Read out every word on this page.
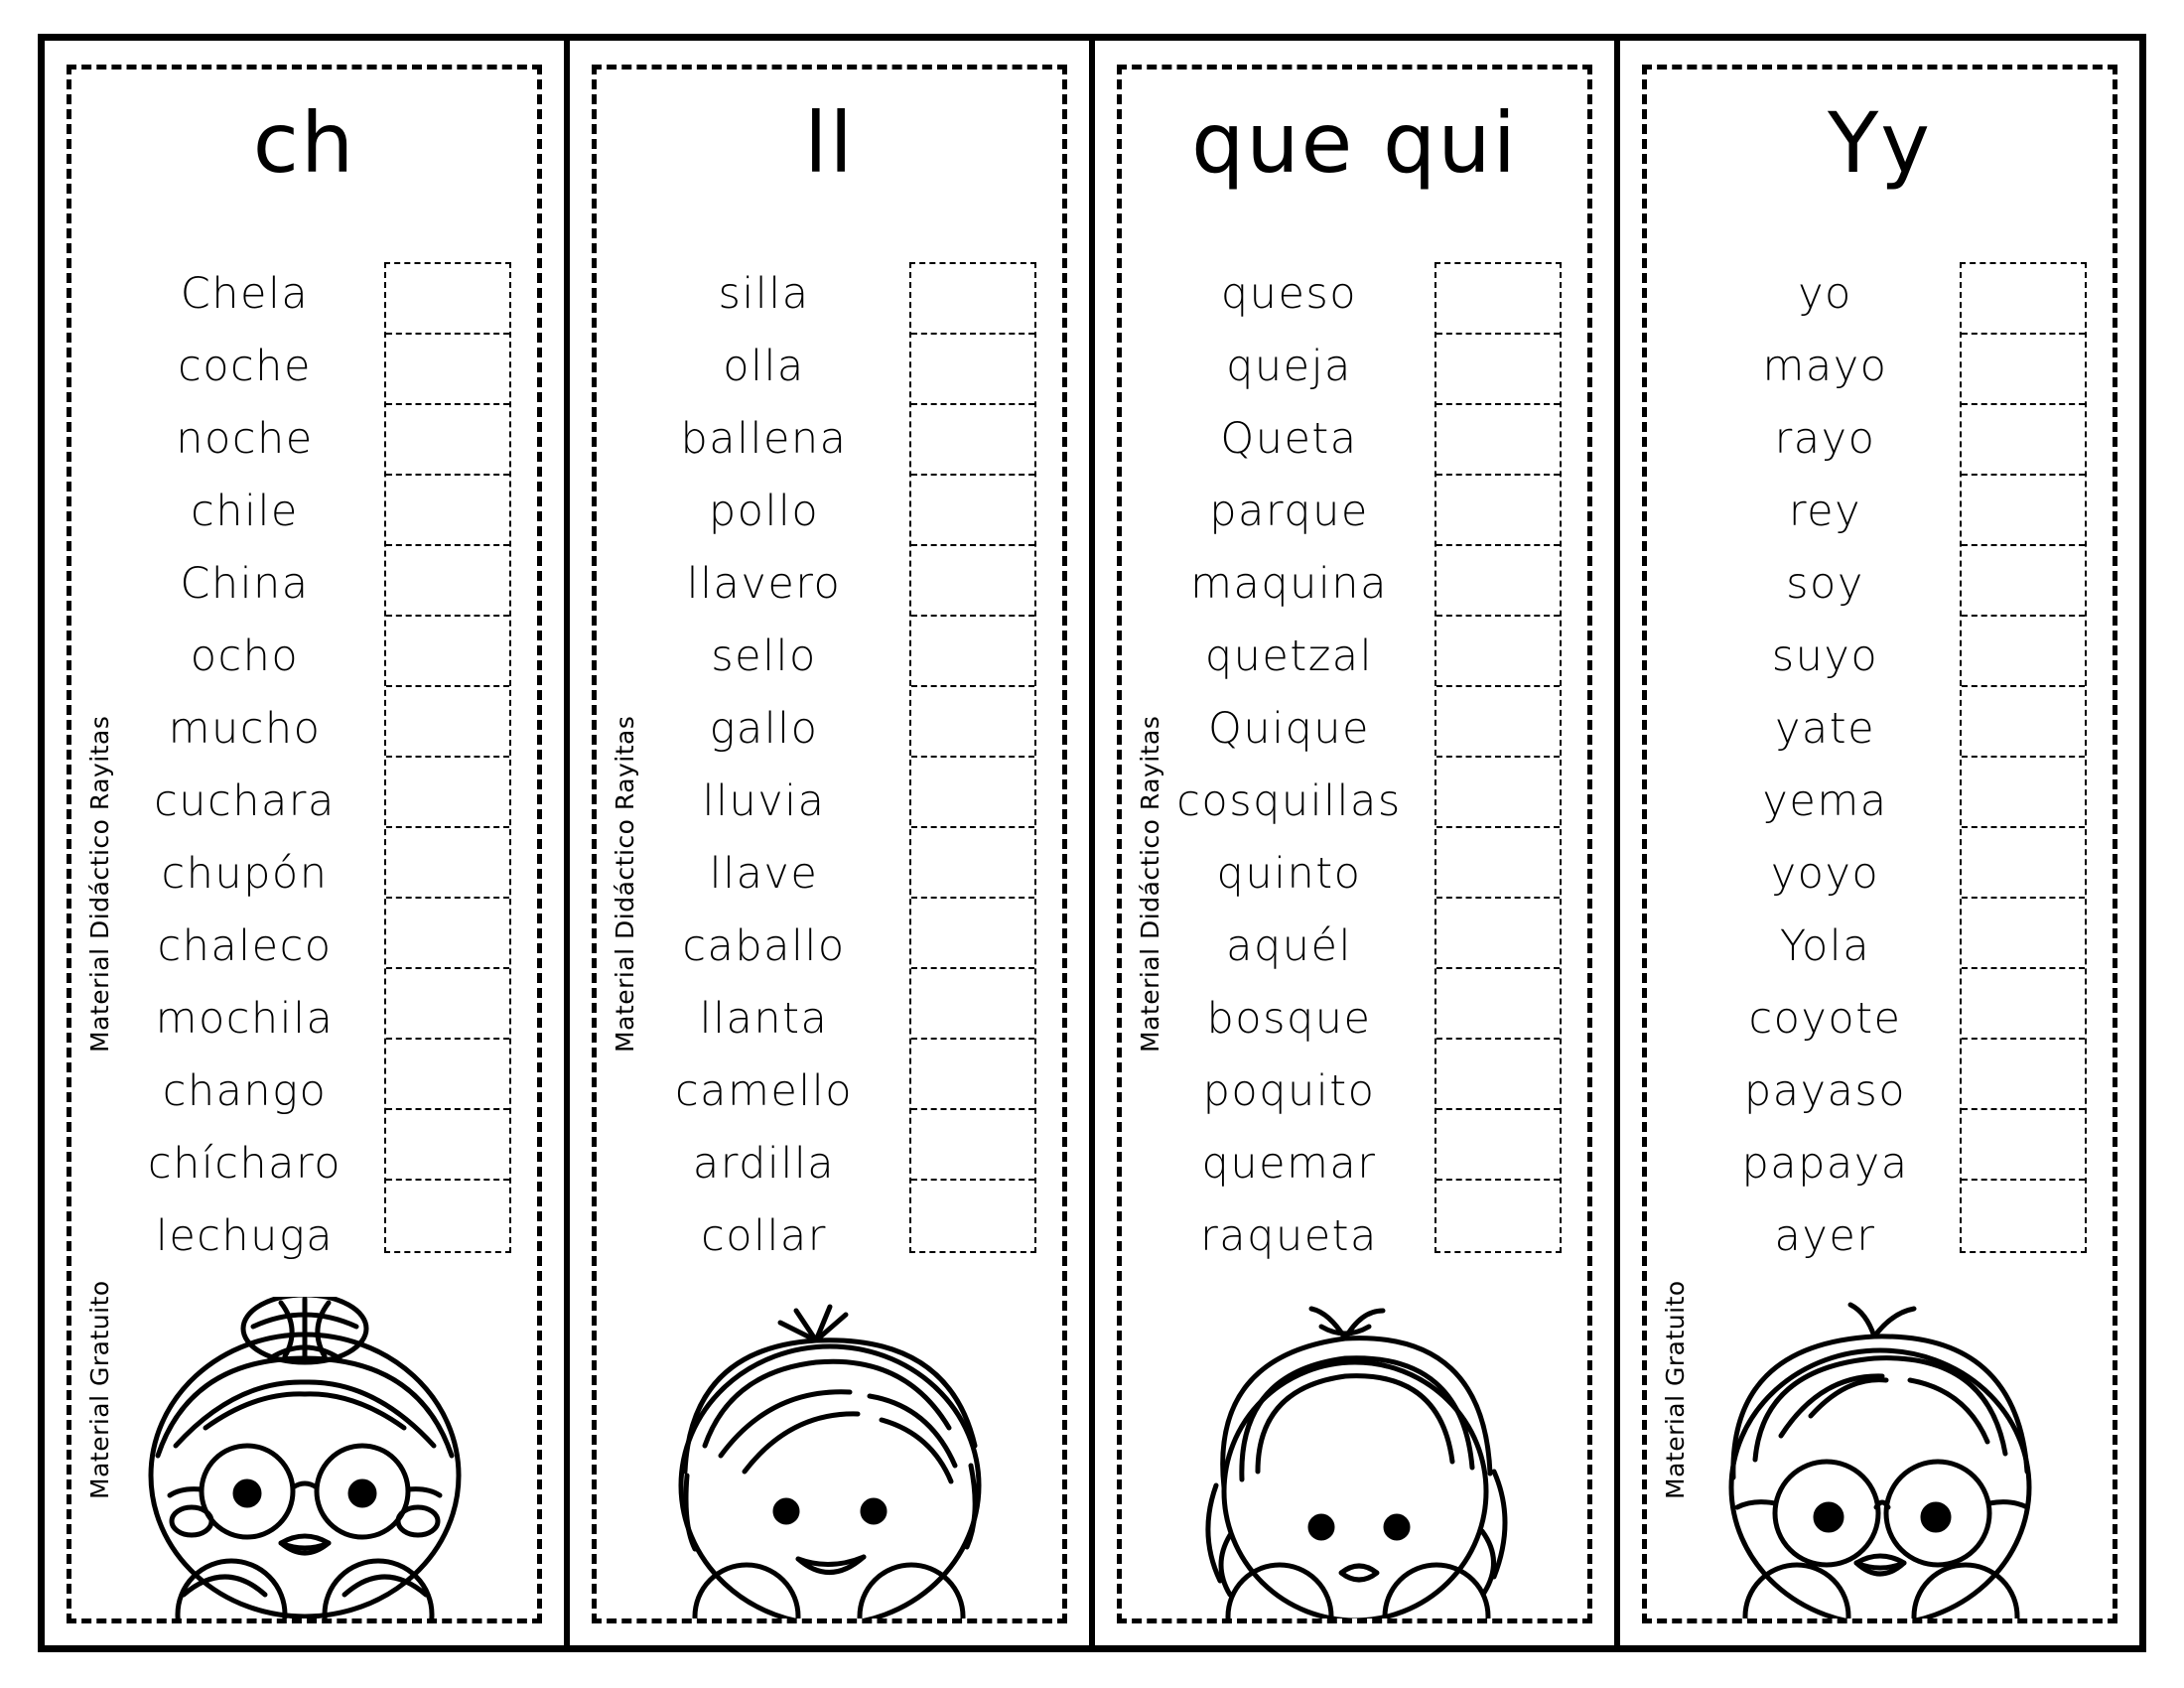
ch
Material Didáctico Rayitas
Material Gratuito
Chela
coche
noche
chile
China
ocho
mucho
cuchara
chupón
chaleco
mochila
chango
chícharo
lechuga
ll
Material Didáctico Rayitas
silla
olla
ballena
pollo
llavero
sello
gallo
lluvia
llave
caballo
llanta
camello
ardilla
collar
que qui
Material Didáctico Rayitas
queso
queja
Queta
parque
maquina
quetzal
Quique
cosquillas
quinto
aquél
bosque
poquito
quemar
raqueta
Yy
Material Gratuito
yo
mayo
rayo
rey
soy
suyo
yate
yema
yoyo
Yola
coyote
payaso
papaya
ayer
